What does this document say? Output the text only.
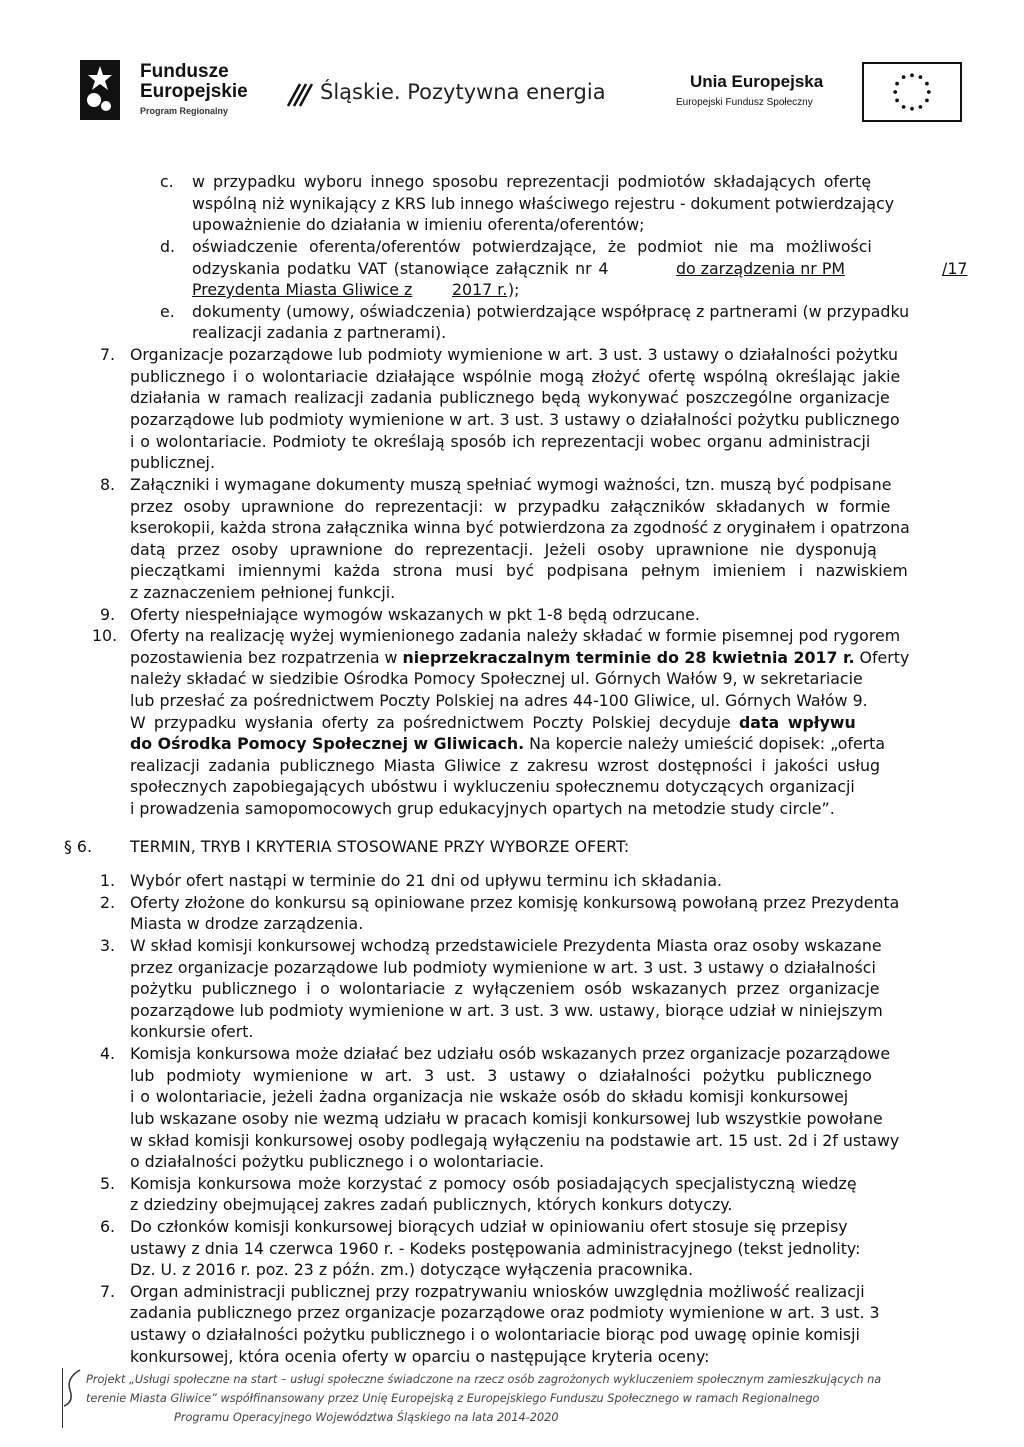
Fundusze
Europejskie
Program Regionalny
Śląskie. Pozytywna energia	Unia Europejska
Europejski Fundusz Społeczny
c. w przypadku wyboru innego sposobu reprezentacji podmiotów składających ofertę
wspólną niż wynikający z KRS lub innego właściwego rejestru - dokument potwierdzający
upoważnienie do działania w imieniu oferenta/oferentów;
d. oświadczenie oferenta/oferentów potwierdzające, że podmiot nie ma możliwości
odzyskania podatku VAT (stanowiące załącznik nr 4	do zarządzenia nr PM	/17
Prezydenta Miasta Gliwice z	2017 r. );
e. dokumenty (umowy, oświadczenia) potwierdzające współpracę z partnerami (w przypadku
realizacji zadania z partnerami).
7. Organizacje pozarządowe lub podmioty wymienione w art. 3 ust. 3 ustawy o działalności pożytku
publicznego i o wolontariacie działające wspólnie mogą złożyć ofertę wspólną określając jakie
działania w ramach realizacji zadania publicznego będą wykonywać poszczególne organizacje
pozarządowe lub podmioty wymienione w art. 3 ust. 3 ustawy o działalności pożytku publicznego
i o wolontariacie. Podmioty te określają sposób ich reprezentacji wobec organu administracji
publicznej.
8. Załączniki i wymagane dokumenty muszą spełniać wymogi ważności, tzn. muszą być podpisane
przez osoby uprawnione do reprezentacji: w przypadku załączników składanych w formie
kserokopii, każda strona załącznika winna być potwierdzona za zgodność z oryginałem i opatrzona
datą przez osoby uprawnione do reprezentacji. Jeżeli osoby uprawnione nie dysponują
pieczątkami imiennymi każda strona musi być podpisana pełnym imieniem i nazwiskiem
z zaznaczeniem pełnionej funkcji.
9. Oferty niespełniające wymogów wskazanych w pkt 1-8 będą odrzucane.
10. Oferty na realizację wyżej wymienionego zadania należy składać w formie pisemnej pod rygorem
pozostawienia bez rozpatrzenia w nieprzekraczalnym terminie do 28 kwietnia 2017 r. Oferty
należy składać w siedzibie Ośrodka Pomocy Społecznej ul. Górnych Wałów 9, w sekretariacie
lub przesłać za pośrednictwem Poczty Polskiej na adres 44-100 Gliwice, ul. Górnych Wałów 9.
W przypadku wysłania oferty za pośrednictwem Poczty Polskiej decyduje data wpływu
do Ośrodka Pomocy Społecznej w Gliwicach. Na kopercie należy umieścić dopisek: „oferta
realizacji zadania publicznego Miasta Gliwice z zakresu wzrost dostępności i jakości usług
społecznych zapobiegających ubóstwu i wykluczeniu społecznemu dotyczących organizacji
i prowadzenia samopomocowych grup edukacyjnych opartych na metodzie study circle”.
§ 6. TERMIN, TRYB I KRYTERIA STOSOWANE PRZY WYBORZE OFERT:
1. Wybór ofert nastąpi w terminie do 21 dni od upływu terminu ich składania.
2. Oferty złożone do konkursu są opiniowane przez komisję konkursową powołaną przez Prezydenta
Miasta w drodze zarządzenia.
3. W skład komisji konkursowej wchodzą przedstawiciele Prezydenta Miasta oraz osoby wskazane
przez organizacje pozarządowe lub podmioty wymienione w art. 3 ust. 3 ustawy o działalności
pożytku publicznego i o wolontariacie z wyłączeniem osób wskazanych przez organizacje
pozarządowe lub podmioty wymienione w art. 3 ust. 3 ww. ustawy, biorące udział w niniejszym
konkursie ofert.
4. Komisja konkursowa może działać bez udziału osób wskazanych przez organizacje pozarządowe
lub podmioty wymienione w art. 3 ust. 3 ustawy o działalności pożytku publicznego
i o wolontariacie, jeżeli żadna organizacja nie wskaże osób do składu komisji konkursowej
lub wskazane osoby nie wezmą udziału w pracach komisji konkursowej lub wszystkie powołane
w skład komisji konkursowej osoby podlegają wyłączeniu na podstawie art. 15 ust. 2d i 2f ustawy
o działalności pożytku publicznego i o wolontariacie.
5. Komisja konkursowa może korzystać z pomocy osób posiadających specjalistyczną wiedzę
z dziedziny obejmującej zakres zadań publicznych, których konkurs dotyczy.
6. Do członków komisji konkursowej biorących udział w opiniowaniu ofert stosuje się przepisy
ustawy z dnia 14 czerwca 1960 r. - Kodeks postępowania administracyjnego (tekst jednolity:
Dz. U. z 2016 r. poz. 23 z późn. zm.) dotyczące wyłączenia pracownika.
7. Organ administracji publicznej przy rozpatrywaniu wniosków uwzględnia możliwość realizacji
zadania publicznego przez organizacje pozarządowe oraz podmioty wymienione w art. 3 ust. 3
ustawy o działalności pożytku publicznego i o wolontariacie biorąc pod uwagę opinie komisji
konkursowej, która ocenia oferty w oparciu o następujące kryteria oceny:
Projekt „Usługi społeczne na start – usługi społeczne świadczone na rzecz osób zagrożonych wykluczeniem społecznym zamieszkujących na
terenie Miasta Gliwice” współfinansowany przez Unię Europejską z Europejskiego Funduszu Społecznego w ramach Regionalnego
Programu Operacyjnego Województwa Śląskiego na lata 2014-2020
